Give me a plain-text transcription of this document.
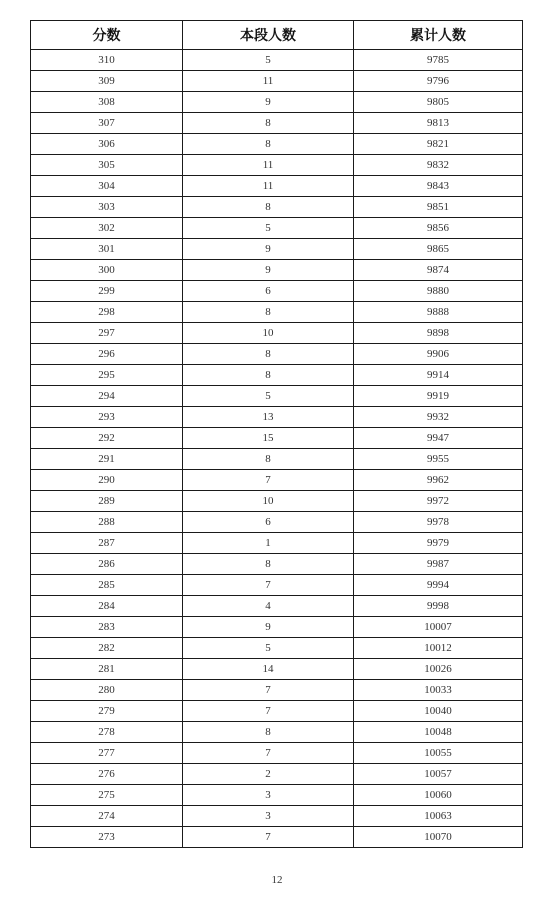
分数	本段人数	累计人数
310	5	9785
309	11	9796
308	9	9805
307	8	9813
306	8	9821
305	11	9832
304	11	9843
303	8	9851
302	5	9856
301	9	9865
300	9	9874
299	6	9880
298	8	9888
297	10	9898
296	8	9906
295	8	9914
294	5	9919
293	13	9932
292	15	9947
291	8	9955
290	7	9962
289	10	9972
288	6	9978
287	1	9979
286	8	9987
285	7	9994
284	4	9998
283	9	10007
282	5	10012
281	14	10026
280	7	10033
279	7	10040
278	8	10048
277	7	10055
276	2	10057
275	3	10060
274	3	10063
273	7	10070
12
